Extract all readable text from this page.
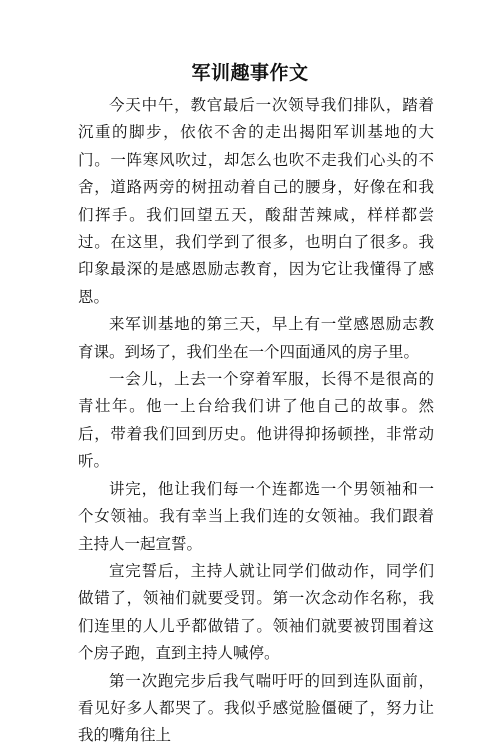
军训趣事作文

今天中午，教官最后一次领导我们排队，踏着沉重的脚步，依依不舍的走出揭阳军训基地的大门。一阵寒风吹过，却怎么也吹不走我们心头的不舍，道路两旁的树扭动着自己的腰身，好像在和我们挥手。我们回望五天，酸甜苦辣咸，样样都尝过。在这里，我们学到了很多，也明白了很多。我印象最深的是感恩励志教育，因为它让我懂得了感恩。

来军训基地的第三天，早上有一堂感恩励志教育课。到场了，我们坐在一个四面通风的房子里。

一会儿，上去一个穿着军服，长得不是很高的青壮年。他一上台给我们讲了他自己的故事。然后，带着我们回到历史。他讲得抑扬顿挫，非常动听。

讲完，他让我们每一个连都选一个男领袖和一个女领袖。我有幸当上我们连的女领袖。我们跟着主持人一起宣誓。

宣完誓后，主持人就让同学们做动作，同学们做错了，领袖们就要受罚。第一次念动作名称，我们连里的人儿乎都做错了。领袖们就要被罚围着这个房子跑，直到主持人喊停。

第一次跑完步后我气喘吁吁的回到连队面前，看见好多人都哭了。我似乎感觉脸僵硬了，努力让我的嘴角往上
